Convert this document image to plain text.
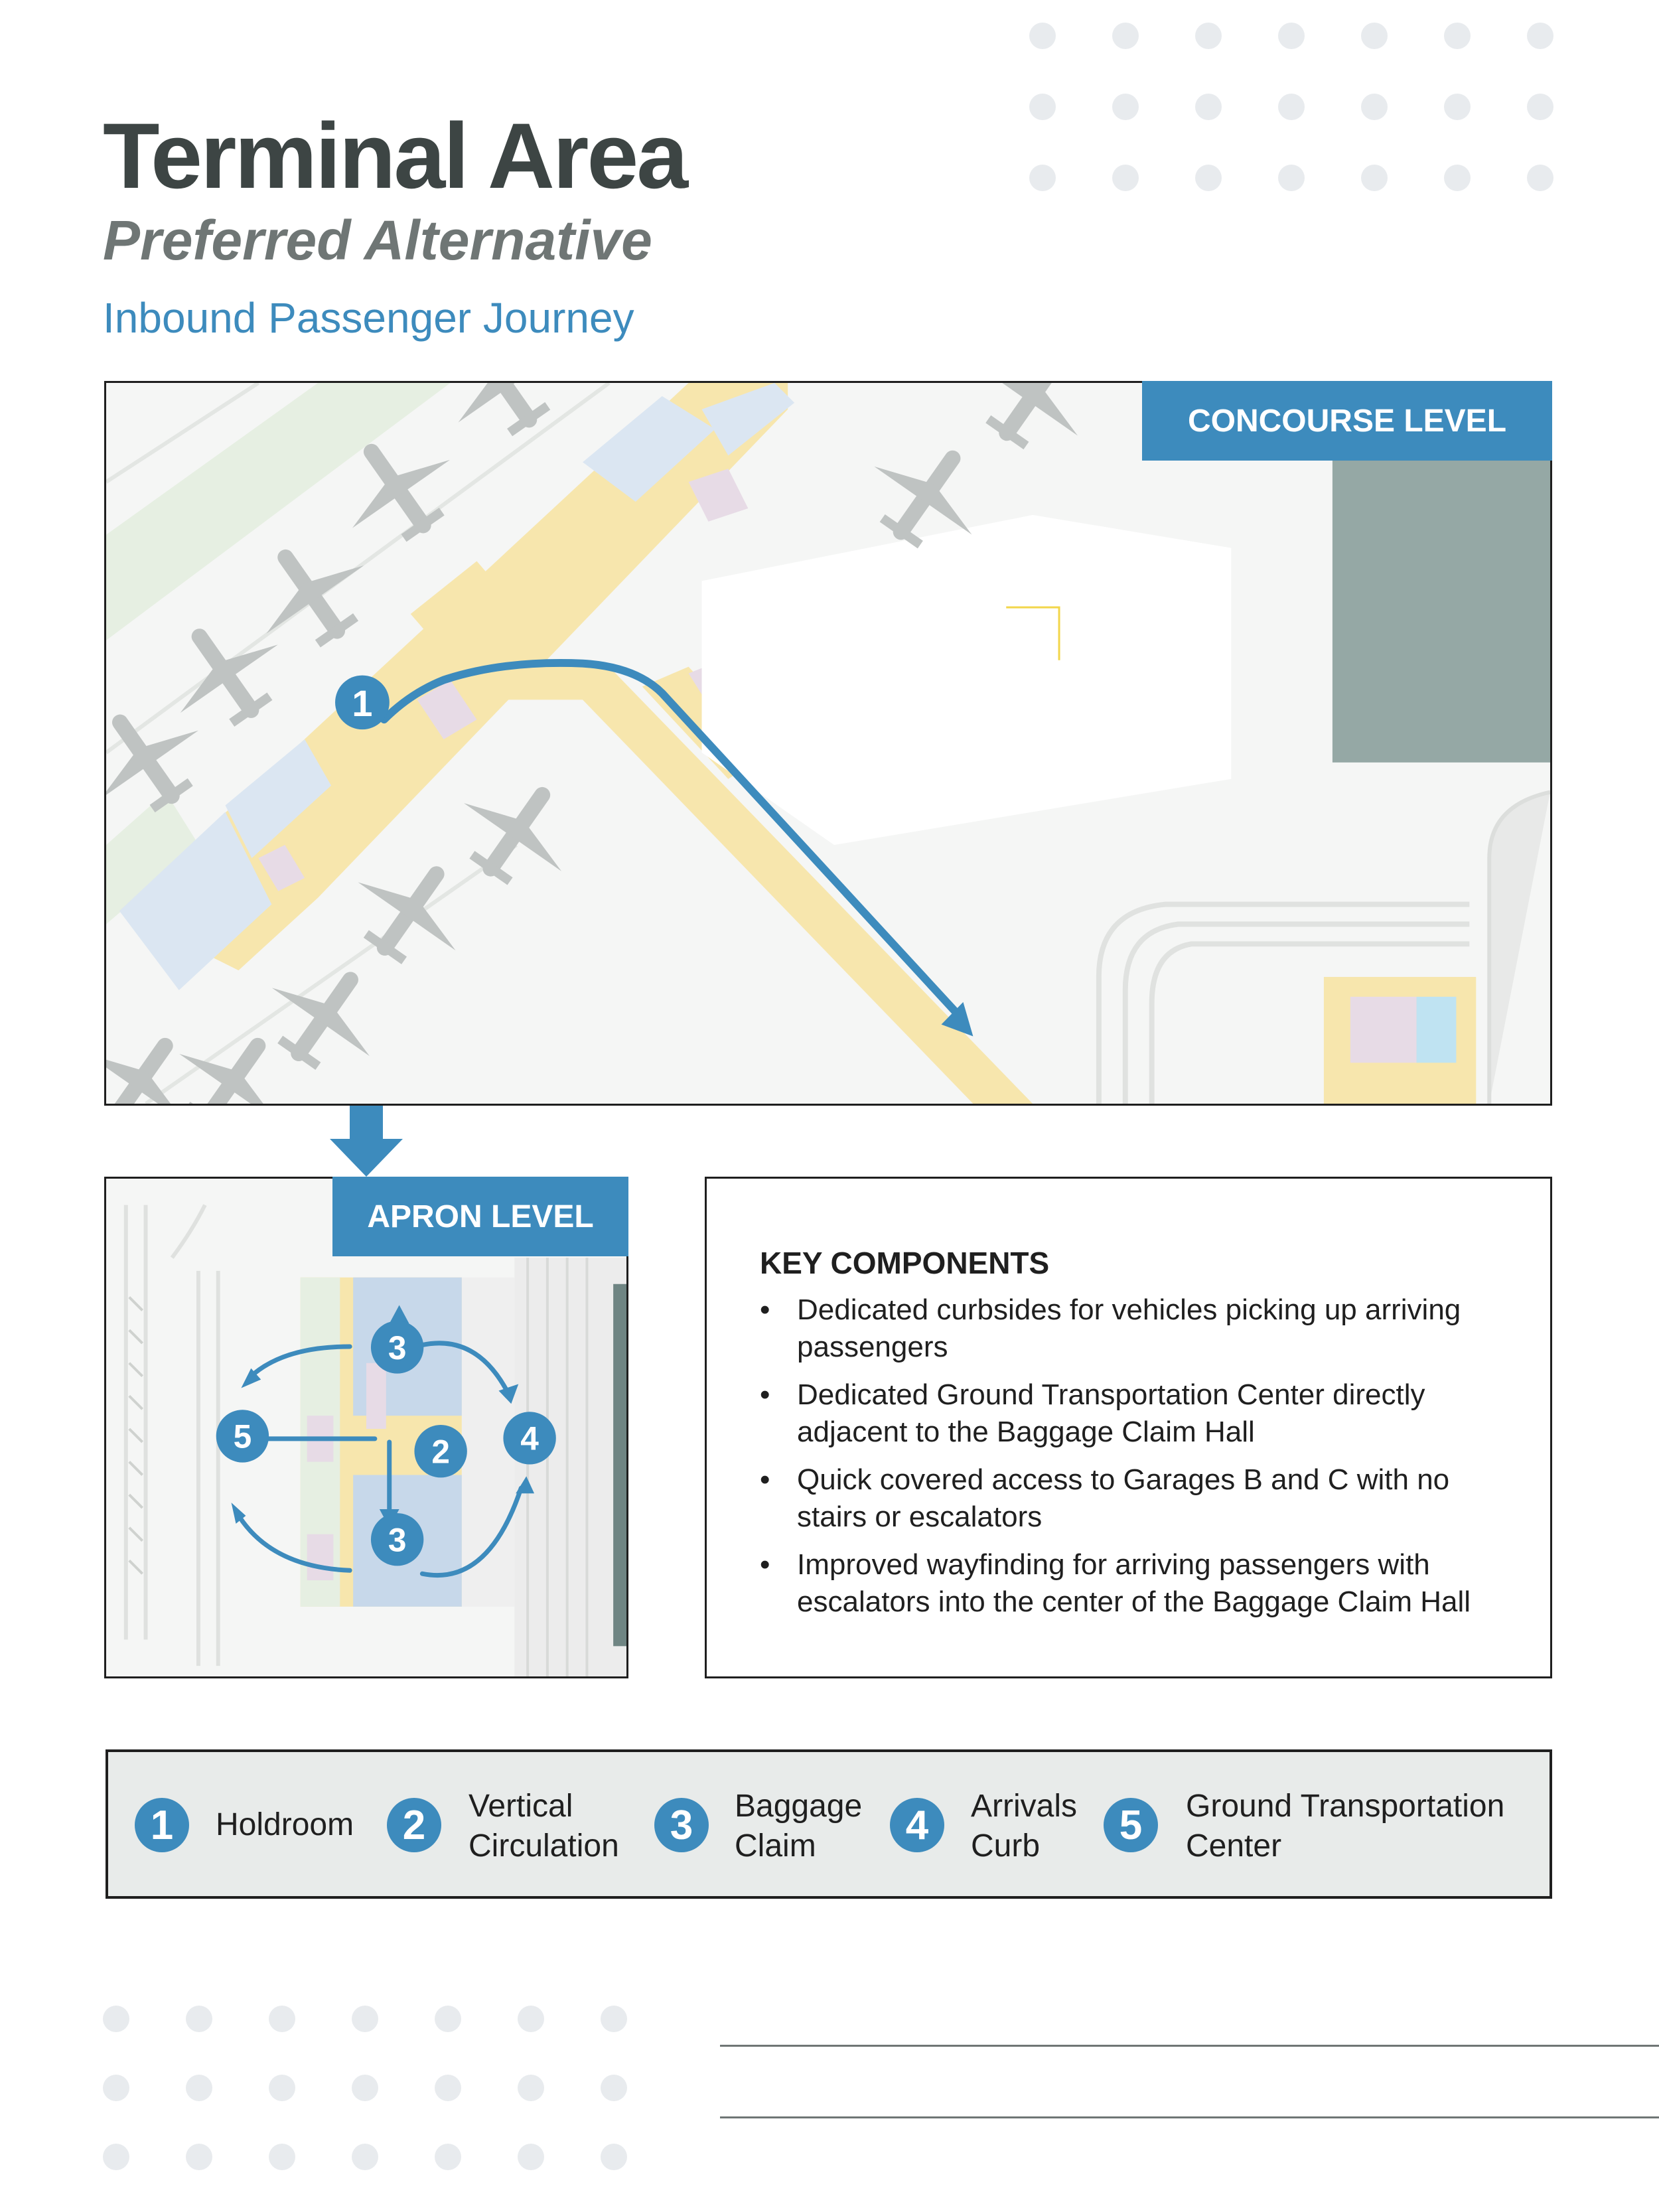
Terminal Area
Preferred Alternative
Inbound Passenger Journey
1
CONCOURSE LEVEL
3
5	2 4
3
APRON LEVEL
KEY COMPONENTS
• Dedicated curbsides for vehicles picking up arriving passengers
• Dedicated Ground Transportation Center directly adjacent to the Baggage Claim Hall
• Quick covered access to Garages B and C with no stairs or escalators
• Improved wayfinding for arriving passengers with escalators into the center of the Baggage Claim Hall
1	Holdroom	2	Vertical
Circulation	3	Baggage
Claim	4	Arrivals
Curb	5	Ground Transportation
Center
